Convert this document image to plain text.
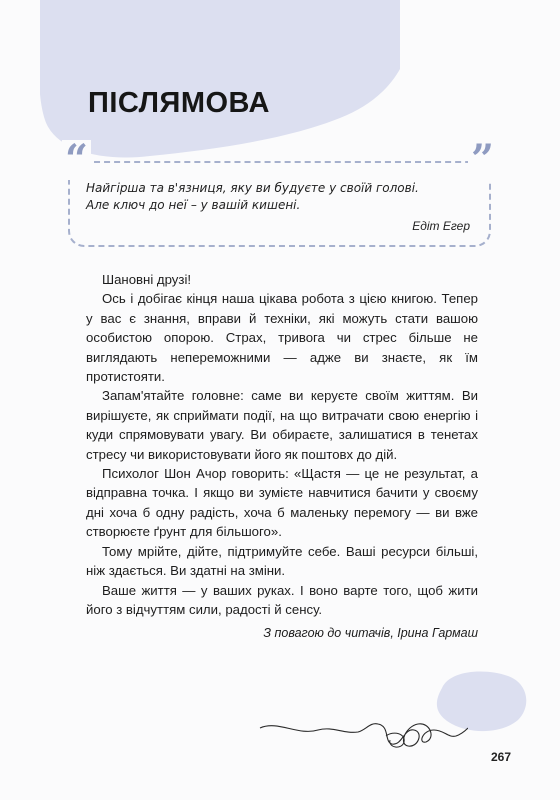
ПІСЛЯМОВА
“	”
Найгірша та в'язниця, яку ви будуєте у своїй голові.
Але ключ до неї – у вашій кишені.
Едіт Егер

Шановні друзі!

Ось і добігає кінця наша цікава робота з цією книгою. Тепер у вас є знання, вправи й техніки, які можуть стати вашою особистою опорою. Страх, тривога чи стрес більше не виглядають непереможними — адже ви знаєте, як їм протистояти.

Запам'ятайте головне: саме ви керуєте своїм життям. Ви вирішуєте, як сприймати події, на що витрачати свою енергію і куди спрямовувати увагу. Ви обираєте, залишатися в тенетах стресу чи використовувати його як поштовх до дій.

Психолог Шон Ачор говорить: «Щастя — це не результат, а відправна точка. І якщо ви зумієте навчитися бачити у своєму дні хоча б одну радість, хоча б маленьку перемогу — ви вже створюєте ґрунт для більшого».

Тому мрійте, дійте, підтримуйте себе. Ваші ресурси більші, ніж здається. Ви здатні на зміни.

Ваше життя — у ваших руках. І воно варте того, щоб жити його з відчуттям сили, радості й сенсу.

З повагою до читачів, Ірина Гармаш
267
